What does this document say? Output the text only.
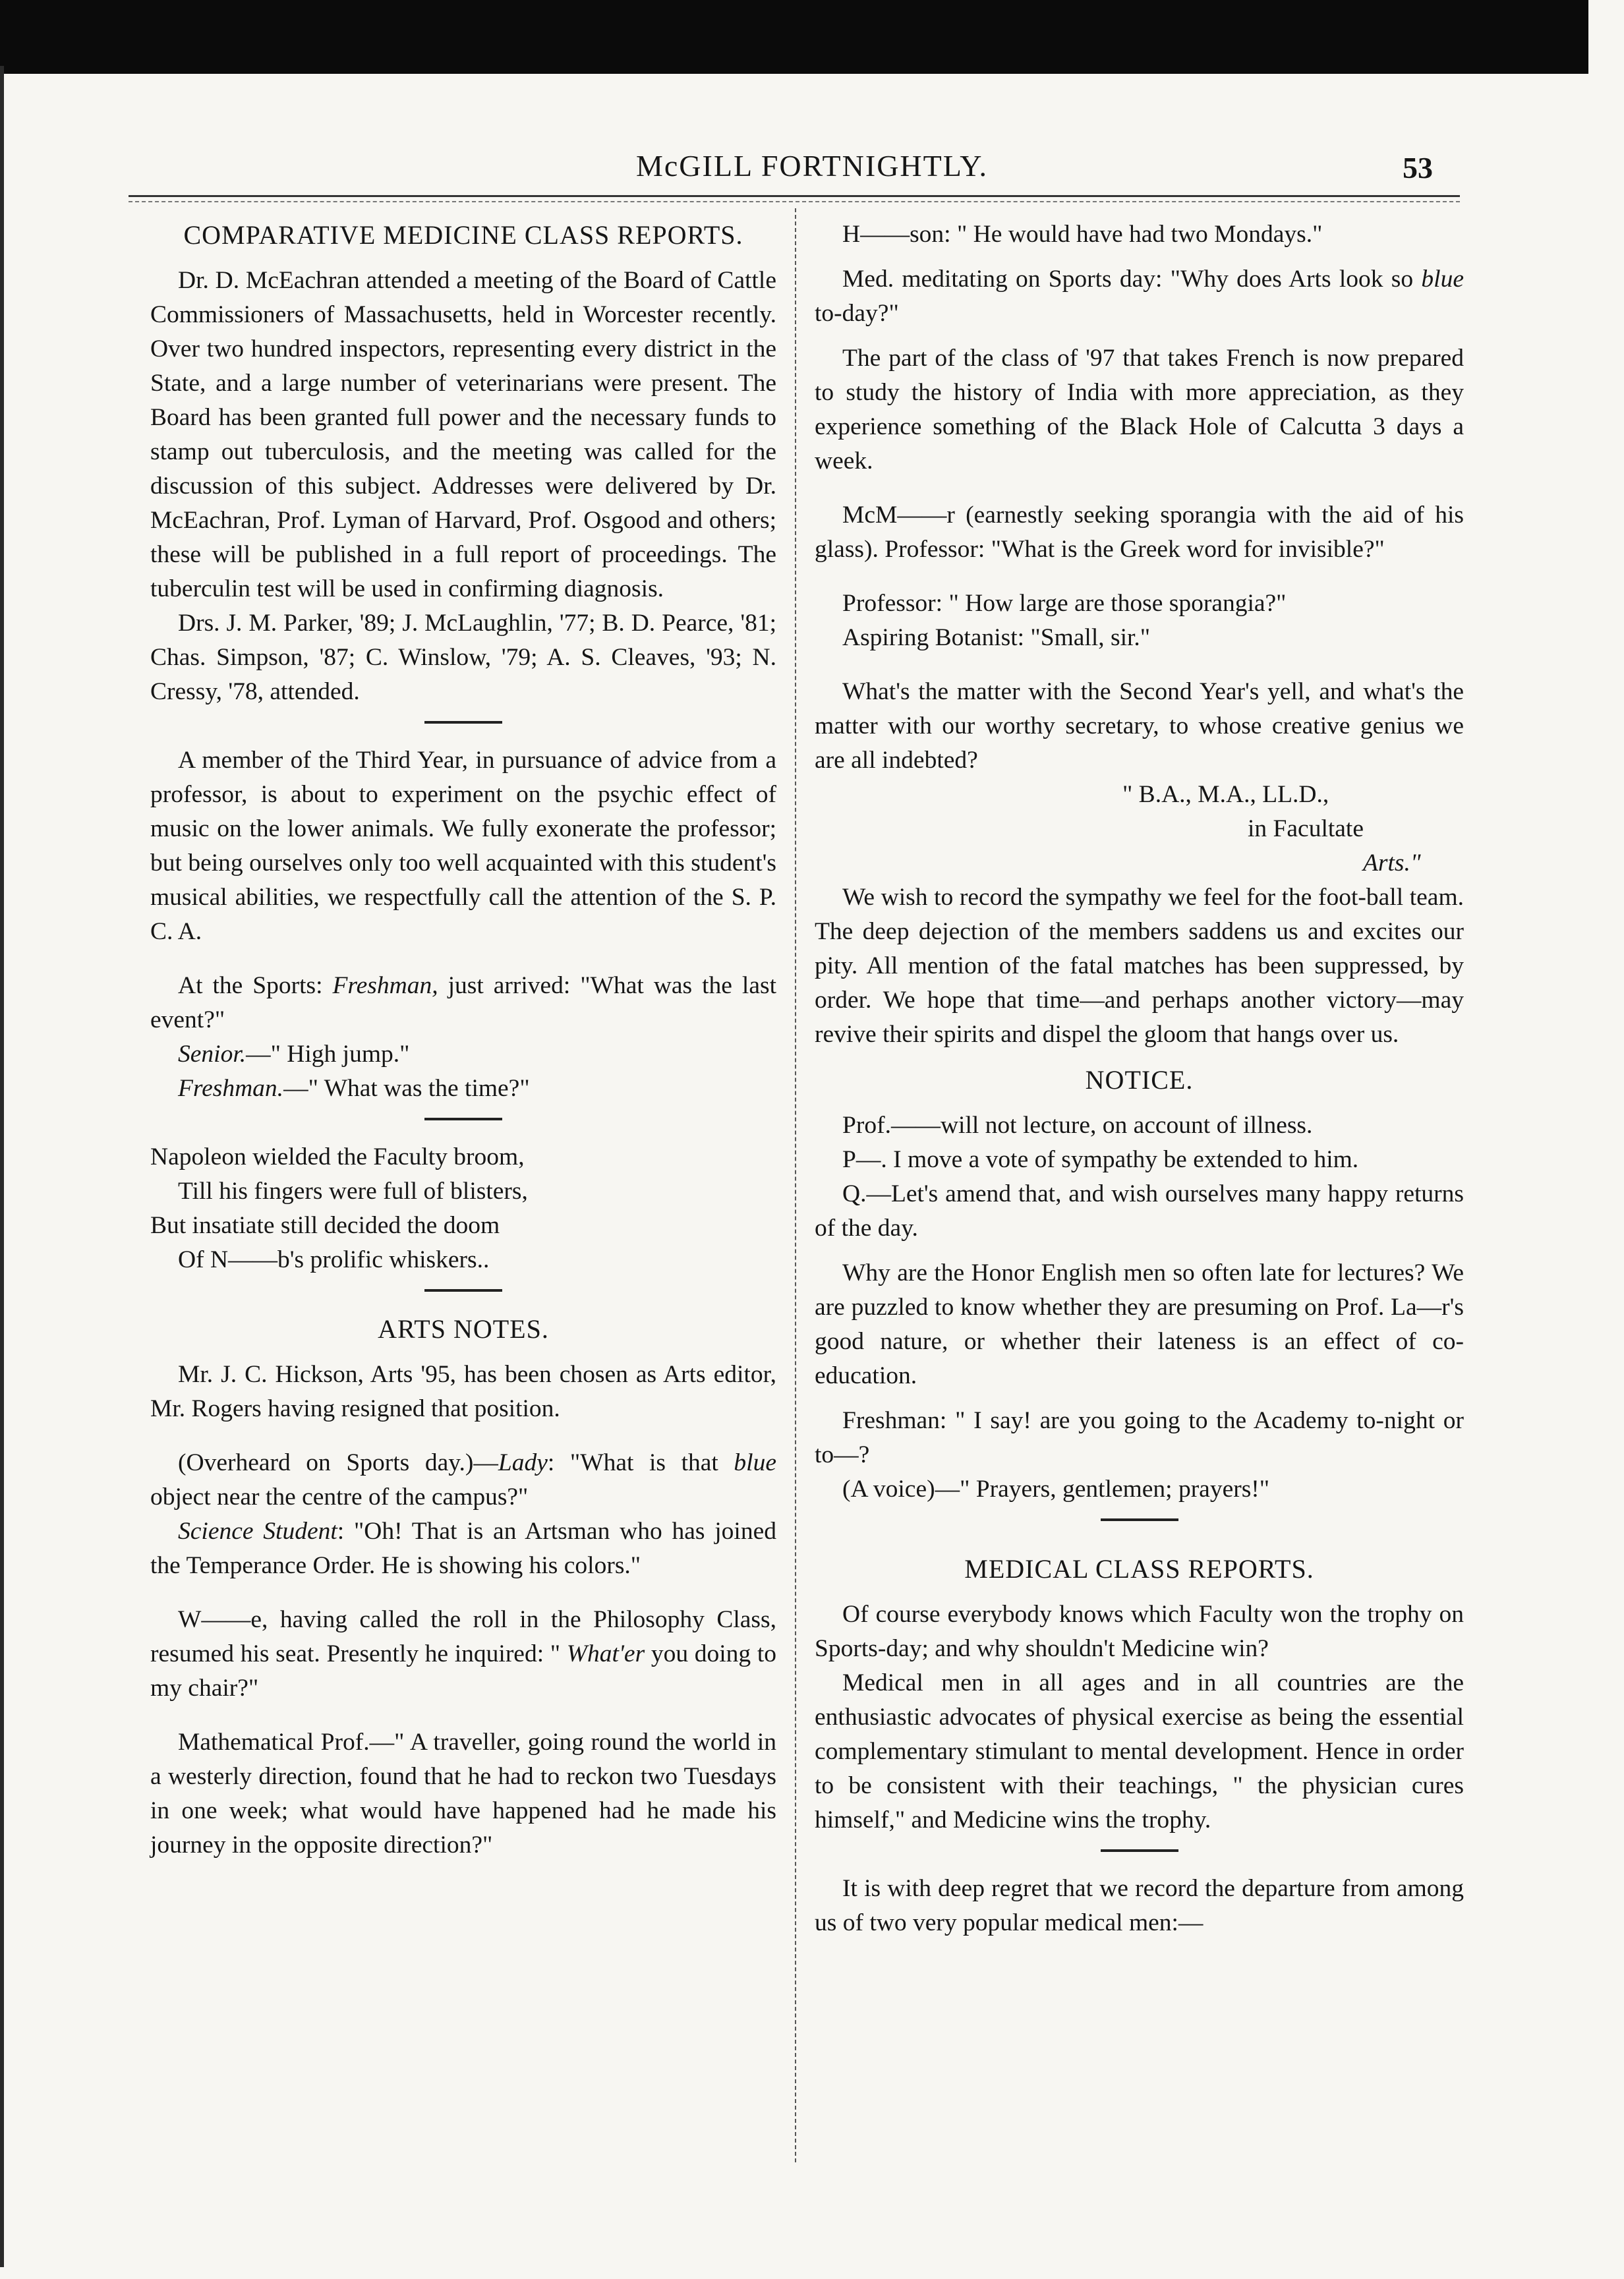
McGILL FORTNIGHTLY.	53
COMPARATIVE MEDICINE CLASS REPORTS.

Dr. D. McEachran attended a meeting of the Board of Cattle Commissioners of Massachusetts, held in Worcester recently. Over two hundred inspectors, representing every district in the State, and a large number of veterinarians were present. The Board has been granted full power and the necessary funds to stamp out tuberculosis, and the meeting was called for the discussion of this subject. Addresses were delivered by Dr. McEachran, Prof. Lyman of Harvard, Prof. Osgood and others; these will be published in a full report of proceedings. The tuberculin test will be used in confirming diagnosis.

Drs. J. M. Parker, '89; J. McLaughlin, '77; B. D. Pearce, '81; Chas. Simpson, '87; C. Winslow, '79; A. S. Cleaves, '93; N. Cressy, '78, attended.

A member of the Third Year, in pursuance of advice from a professor, is about to experiment on the psychic effect of music on the lower animals. We fully exonerate the professor; but being ourselves only too well acquainted with this student's musical abilities, we respectfully call the attention of the S. P. C. A.

At the Sports: Freshman, just arrived: "What was the last event?"

Senior.—" High jump."

Freshman.—" What was the time?"

Napoleon wielded the Faculty broom,

Till his fingers were full of blisters,

But insatiate still decided the doom

Of N——b's prolific whiskers..

ARTS NOTES.

Mr. J. C. Hickson, Arts '95, has been chosen as Arts editor, Mr. Rogers having resigned that position.

(Overheard on Sports day.)—Lady: "What is that blue object near the centre of the campus?"

Science Student: "Oh! That is an Artsman who has joined the Temperance Order. He is showing his colors."

W——e, having called the roll in the Philosophy Class, resumed his seat. Presently he inquired: " What'er you doing to my chair?"

Mathematical Prof.—" A traveller, going round the world in a westerly direction, found that he had to reckon two Tuesdays in one week; what would have happened had he made his journey in the opposite direction?"

H——son: " He would have had two Mondays."

Med. meditating on Sports day: "Why does Arts look so blue to-day?"

The part of the class of '97 that takes French is now prepared to study the history of India with more appreciation, as they experience something of the Black Hole of Calcutta 3 days a week.

McM——r (earnestly seeking sporangia with the aid of his glass). Professor: "What is the Greek word for invisible?"

Professor: " How large are those sporangia?"

Aspiring Botanist: "Small, sir."

What's the matter with the Second Year's yell, and what's the matter with our worthy secretary, to whose creative genius we are all indebted?

" B.A., M.A., LL.D.,

in Facultate

Arts."

We wish to record the sympathy we feel for the foot-ball team. The deep dejection of the members saddens us and excites our pity. All mention of the fatal matches has been suppressed, by order. We hope that time—and perhaps another victory—may revive their spirits and dispel the gloom that hangs over us.

NOTICE.

Prof.——will not lecture, on account of illness.

P—. I move a vote of sympathy be extended to him.

Q.—Let's amend that, and wish ourselves many happy returns of the day.

Why are the Honor English men so often late for lectures? We are puzzled to know whether they are presuming on Prof. La—r's good nature, or whether their lateness is an effect of co-education.

Freshman: " I say! are you going to the Academy to-night or to—?

(A voice)—" Prayers, gentlemen; prayers!"

MEDICAL CLASS REPORTS.

Of course everybody knows which Faculty won the trophy on Sports-day; and why shouldn't Medicine win?

Medical men in all ages and in all countries are the enthusiastic advocates of physical exercise as being the essential complementary stimulant to mental development. Hence in order to be consistent with their teachings, " the physician cures himself," and Medicine wins the trophy.

It is with deep regret that we record the departure from among us of two very popular medical men:—
